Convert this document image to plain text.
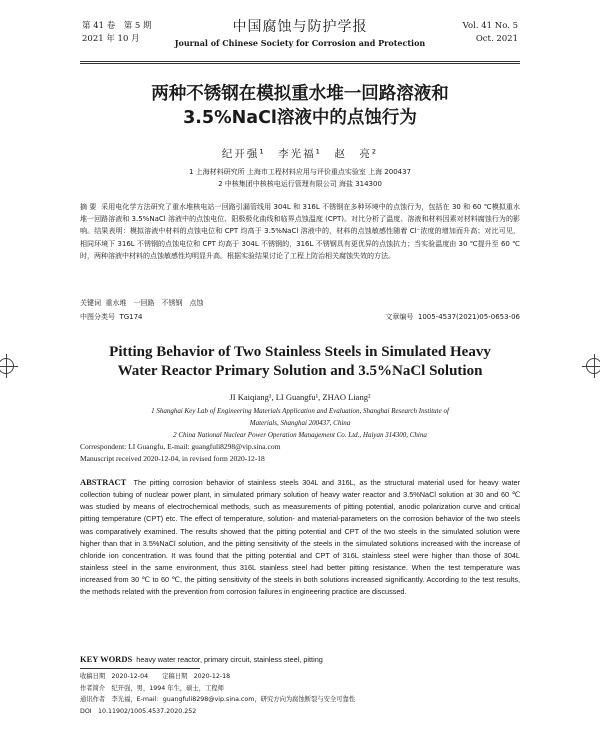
第 41 卷　第 5 期
2021 年 10 月
中国腐蚀与防护学报
Journal of Chinese Society for Corrosion and Protection
Vol. 41 No. 5
Oct. 2021
两种不锈钢在模拟重水堆一回路溶液和
3.5%NaCl溶液中的点蚀行为
纪开强¹　李光福¹　赵　亮²
1 上海材料研究所 上海市工程材料应用与评价重点实验室 上海 200437
2 中核集团中核核电运行管理有限公司 海盐 314300
摘 要 采用电化学方法研究了重水堆核电站一回路引漏管线用 304L 和 316L 不锈钢在多种环境中的点蚀行为，包括在 30 和 60 ℃模拟重水堆一回路溶液和 3.5%NaCl 溶液中的点蚀电位、阳极极化曲线和临界点蚀温度 (CPT)。对比分析了温度、溶液和材料因素对材料腐蚀行为的影响。结果表明：模拟溶液中材料的点蚀电位和 CPT 均高于 3.5%NaCl 溶液中的，材料的点蚀敏感性随着 Cl⁻浓度的增加而升高；对比可见，相同环境下 316L 不锈钢的点蚀电位和 CPT 均高于 304L 不锈钢的，316L 不锈钢具有更优异的点蚀抗力；当实验温度由 30 ℃提升至 60 ℃时，两种溶液中材料的点蚀敏感性均明显升高。根据实验结果讨论了工程上防治相关腐蚀失效的方法。
关键词 重水堆　一回路　不锈钢　点蚀
中图分类号 TG174	文章编号 1005-4537(2021)05-0653-06
Pitting Behavior of Two Stainless Steels in Simulated Heavy
Water Reactor Primary Solution and 3.5%NaCl Solution
JI Kaiqiang¹, LI Guangfu¹, ZHAO Liang²
1 Shanghai Key Lab of Engineering Materials Application and Evaluation, Shanghai Research Institute of
Materials, Shanghai 200437, China
2 China National Nuclear Power Operation Management Co. Ltd., Haiyan 314300, China
Correspondent: LI Guangfu, E-mail: guangfuli8298@vip.sina.com
Manuscript received 2020-12-04, in revised form 2020-12-18
ABSTRACT The pitting corrosion behavior of stainless steels 304L and 316L, as the structural material used for heavy water collection tubing of nuclear power plant, in simulated primary solution of heavy water reactor and 3.5%NaCl solution at 30 and 60 ℃ was studied by means of electrochemical methods, such as measurements of pitting potential, anodic polarization curve and critical pitting temperature (CPT) etc. The effect of temperature, solution- and material-parameters on the corrosion behavior of the two steels was comparatively examined. The results showed that the pitting potential and CPT of the two steels in the simulated solution were higher than that in 3.5%NaCl solution, and the pitting sensitivity of the steels in the simulated solutions increased with the increase of chloride ion concentration. It was found that the pitting potential and CPT of 316L stainless steel were higher than those of 304L stainless steel in the same environment, thus 316L stainless steel had better pitting resistance. When the test temperature was increased from 30 ℃ to 60 ℃, the pitting sensitivity of the steels in both solutions increased significantly. According to the test results, the methods related with the prevention from corrosion failures in engineering practice are discussed.
KEY WORDS heavy water reactor, primary circuit, stainless steel, pitting
收稿日期　2020-12-04 定稿日期　2020-12-18
作者简介　纪开强，男，1994 年生，硕士，工程师
通讯作者　李光福，E-mail：guangfuli8298@vip.sina.com，研究方向为腐蚀断裂与安全可靠性
DOI　10.11902/1005.4537.2020.252
